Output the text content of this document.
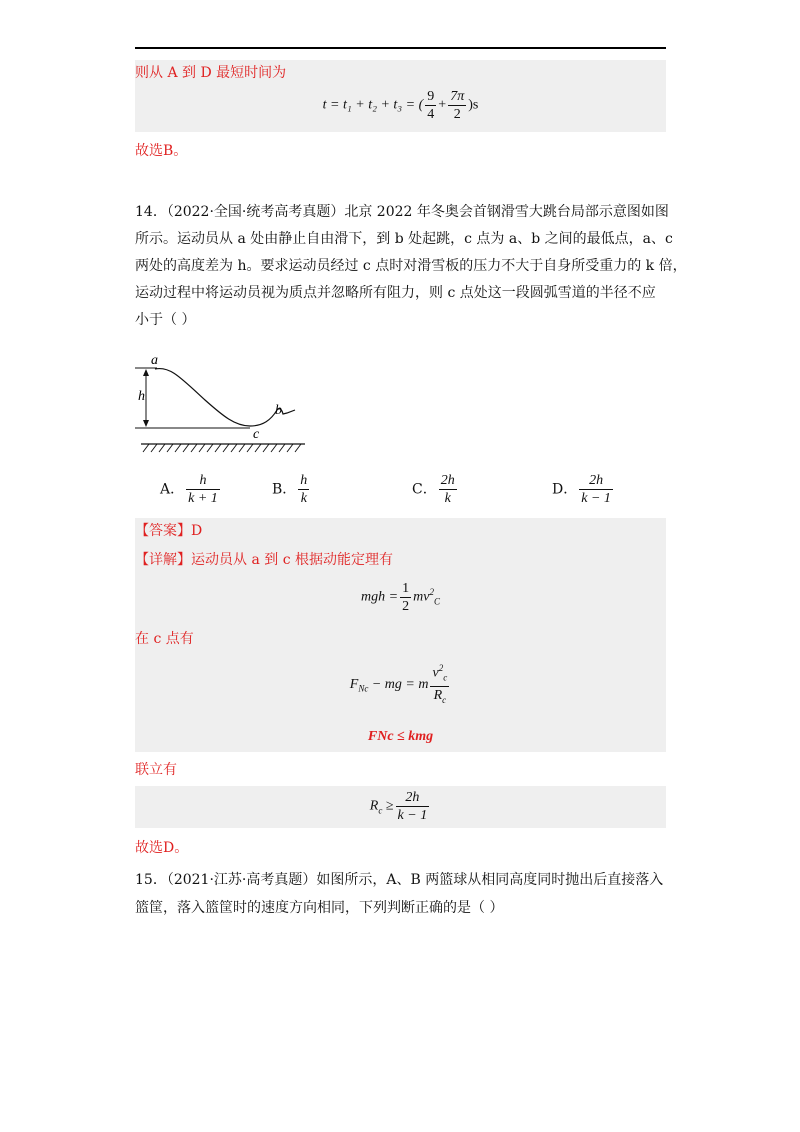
则从 A 到 D 最短时间为
t = t₁ + t₂ + t₃ = ( $\frac{9}{4} + \frac{7\pi}{2} )s$
故选B。
14．（2022·全国·统考高考真题）北京 2022 年冬奥会首钢滑雪大跳台局部示意图如图
所示。运动员从 a 处由静止自由滑下，到 b 处起跳，c 点为 a、b 之间的最低点，a、c
两处的高度差为 h。要求运动员经过 c 点时对滑雪板的压力不大于自身所受重力的 k 倍，
运动过程中将运动员视为质点并忽略所有阻力，则 c 点处这一段圆弧雪道的半径不应
小于（ ）
a
h
c
b
A． $\frac{h}{k + 1}$	B． $\frac{h}{k}$	C． $\frac{2h}{k}$	D． $\frac{2h}{k - 1}$
【答案】D
【详解】运动员从 a 到 c 根据动能定理有
mgh = $\frac{1}{2} mv^2_C$
在 c 点有
$F_{Nc}$ − mg = m $\frac{v^2_c}{R_c}$
FNc ≤ kmg
联立有
$R_c \ge \frac{2h}{k - 1}$
故选D。
15．（2021·江苏·高考真题）如图所示，A、B 两篮球从相同高度同时抛出后直接落入
篮筐，落入篮筐时的速度方向相同，下列判断正确的是（ ）
